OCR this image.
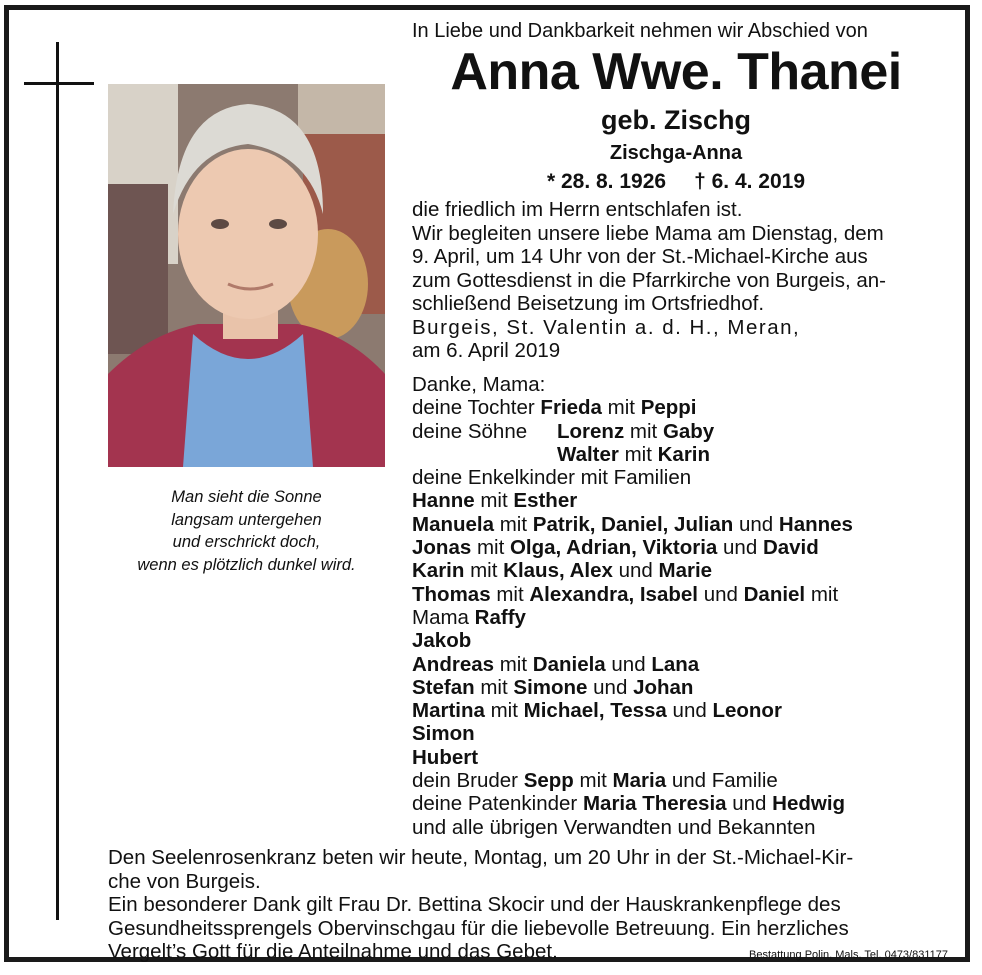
Man sieht die Sonne
langsam untergehen
und erschrickt doch,
wenn es plötzlich dunkel wird.
In Liebe und Dankbarkeit nehmen wir Abschied von
Anna Wwe. Thanei
geb. Zischg
Zischga-Anna
* 28. 8. 1926 † 6. 4. 2019
die friedlich im Herrn entschlafen ist.
Wir begleiten unsere liebe Mama am Dienstag, dem
9. April, um 14 Uhr von der St.-Michael-Kirche aus
zum Gottesdienst in die Pfarrkirche von Burgeis, an-
schließend Beisetzung im Ortsfriedhof.
Burgeis, St. Valentin a. d. H., Meran,
am 6. April 2019
Danke, Mama:
deine Tochter Frieda mit Peppi
deine Söhne Lorenz mit Gaby
Walter mit Karin
deine Enkelkinder mit Familien
Hanne mit Esther
Manuela mit Patrik, Daniel, Julian und Hannes
Jonas mit Olga, Adrian, Viktoria und David
Karin mit Klaus, Alex und Marie
Thomas mit Alexandra, Isabel und Daniel mit
Mama Raffy
Jakob
Andreas mit Daniela und Lana
Stefan mit Simone und Johan
Martina mit Michael, Tessa und Leonor
Simon
Hubert
dein Bruder Sepp mit Maria und Familie
deine Patenkinder Maria Theresia und Hedwig
und alle übrigen Verwandten und Bekannten
Den Seelenrosenkranz beten wir heute, Montag, um 20 Uhr in der St.-Michael-Kir-
che von Burgeis.
Ein besonderer Dank gilt Frau Dr. Bettina Skocir und der Hauskrankenpflege des
Gesundheitssprengels Obervinschgau für die liebevolle Betreuung. Ein herzliches
Vergelt’s Gott für die Anteilnahme und das Gebet.	Bestattung Polin, Mals, Tel. 0473/831177
